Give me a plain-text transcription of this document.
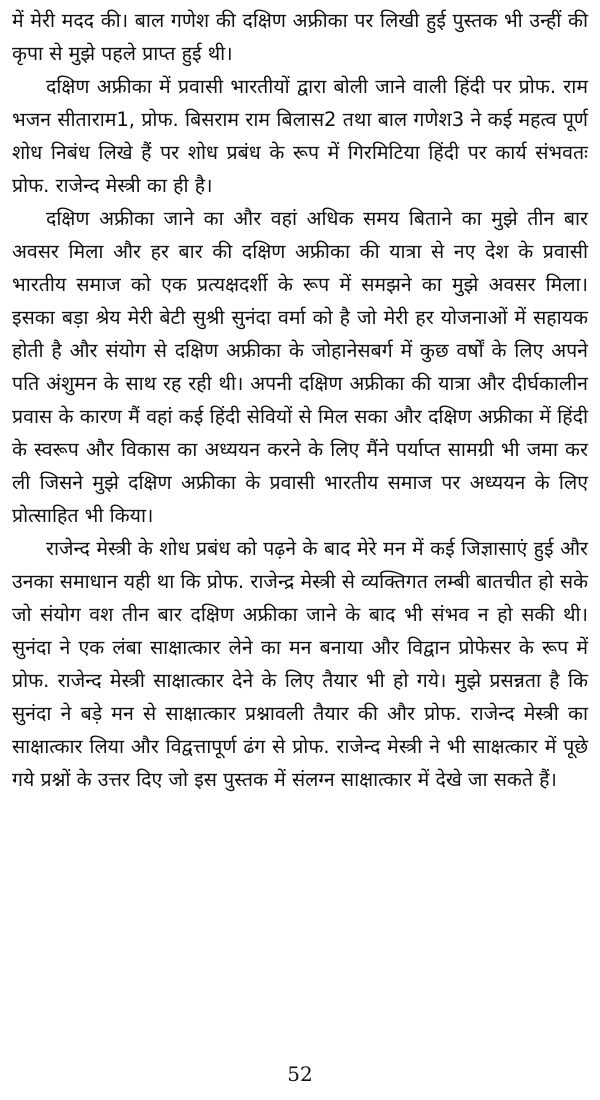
में मेरी मदद की। बाल गणेश की दक्षिण अफ्रीका पर लिखी हुई पुस्तक भी उन्हीं की कृपा से मुझे पहले प्राप्त हुई थी।

दक्षिण अफ्रीका में प्रवासी भारतीयों द्वारा बोली जाने वाली हिंदी पर प्रोफ. राम भजन सीताराम1, प्रोफ. बिसराम राम बिलास2 तथा बाल गणेश3 ने कई महत्व पूर्ण शोध निबंध लिखे हैं पर शोध प्रबंध के रूप में गिरमिटिया हिंदी पर कार्य संभवतः प्रोफ. राजेन्द मेस्त्री का ही है।

दक्षिण अफ्रीका जाने का और वहां अधिक समय बिताने का मुझे तीन बार अवसर मिला और हर बार की दक्षिण अफ्रीका की यात्रा से नए देश के प्रवासी भारतीय समाज को एक प्रत्यक्षदर्शी के रूप में समझने का मुझे अवसर मिला। इसका बड़ा श्रेय मेरी बेटी सुश्री सुनंदा वर्मा को है जो मेरी हर योजनाओं में सहायक होती है और संयोग से दक्षिण अफ्रीका के जोहानेसबर्ग में कुछ वर्षों के लिए अपने पति अंशुमन के साथ रह रही थी। अपनी दक्षिण अफ्रीका की यात्रा और दीर्घकालीन प्रवास के कारण मैं वहां कई हिंदी सेवियों से मिल सका और दक्षिण अफ्रीका में हिंदी के स्वरूप और विकास का अध्ययन करने के लिए मैंने पर्याप्त सामग्री भी जमा कर ली जिसने मुझे दक्षिण अफ्रीका के प्रवासी भारतीय समाज पर अध्ययन के लिए प्रोत्साहित भी किया।

राजेन्द मेस्त्री के शोध प्रबंध को पढ़ने के बाद मेरे मन में कई जिज्ञासाएं हुई और उनका समाधान यही था कि प्रोफ. राजेन्द्र मेस्त्री से व्यक्तिगत लम्बी बातचीत हो सके जो संयोग वश तीन बार दक्षिण अफ्रीका जाने के बाद भी संभव न हो सकी थी। सुनंदा ने एक लंबा साक्षात्कार लेने का मन बनाया और विद्वान प्रोफेसर के रूप में प्रोफ. राजेन्द मेस्त्री साक्षात्कार देने के लिए तैयार भी हो गये। मुझे प्रसन्नता है कि सुनंदा ने बड़े मन से साक्षात्कार प्रश्नावली तैयार की और प्रोफ. राजेन्द मेस्त्री का साक्षात्कार लिया और विद्वत्तापूर्ण ढंग से प्रोफ. राजेन्द मेस्त्री ने भी साक्षत्कार में पूछे गये प्रश्नों के उत्तर दिए जो इस पुस्तक में संलग्न साक्षात्कार में देखे जा सकते हैं।

52
